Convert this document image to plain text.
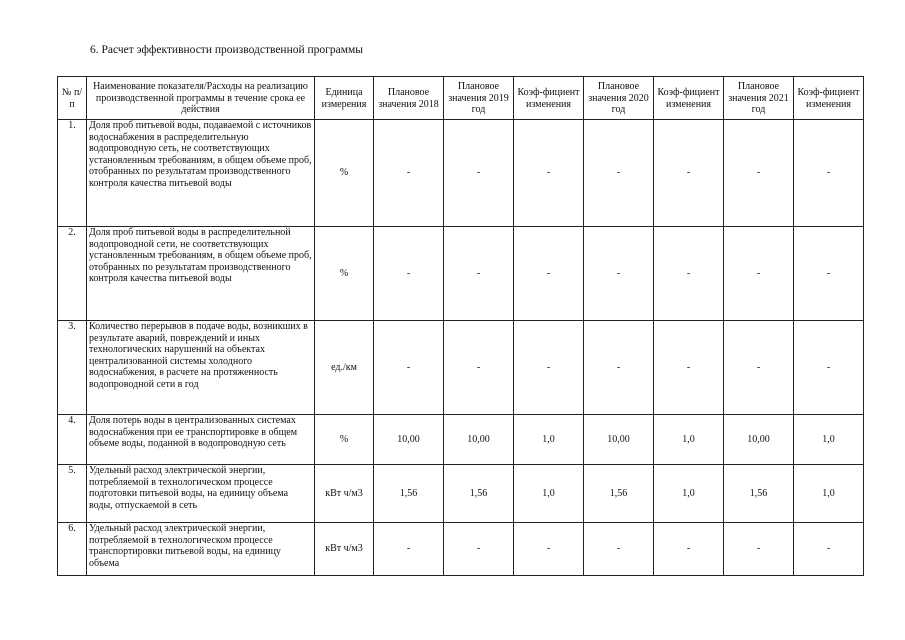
6. Расчет эффективности производственной программы
№ п/п	Наименование показателя/Расходы на реализацию производственной программы в течение срока ее действия	Единица измерения	Плановое значения 2018	Плановое значения 2019 год	Коэф-фициент изменения	Плановое значения 2020 год	Коэф-фициент изменения	Плановое значения 2021 год	Коэф-фициент изменения
1.	Доля проб питьевой воды, подаваемой с источников водоснабжения в распределительную водопроводную сеть, не соответствующих установленным требованиям, в общем объеме проб, отобранных по результатам производственного контроля качества питьевой воды	%	-	-	-	-	-	-	-
2.	Доля проб питьевой воды в распределительной водопроводной сети, не соответствующих установленным требованиям, в общем объеме проб, отобранных по результатам производственного контроля качества питьевой воды	%	-	-	-	-	-	-	-
3.	Количество перерывов в подаче воды, возникших в результате аварий, повреждений и иных технологических нарушений на объектах централизованной системы холодного водоснабжения, в расчете на протяженность водопроводной сети в год	ед./км	-	-	-	-	-	-	-
4.	Доля потерь воды в централизованных системах водоснабжения при ее транспортировке в общем объеме воды, поданной в водопроводную сеть	%	10,00	10,00	1,0	10,00	1,0	10,00	1,0
5.	Удельный расход электрической энергии, потребляемой в технологическом процессе подготовки питьевой воды, на единицу объема воды, отпускаемой в сеть	кВт ч/м3	1,56	1,56	1,0	1,56	1,0	1,56	1,0
6.	Удельный расход электрической энергии, потребляемой в технологическом процессе транспортировки питьевой воды, на единицу объема	кВт ч/м3	-	-	-	-	-	-	-
